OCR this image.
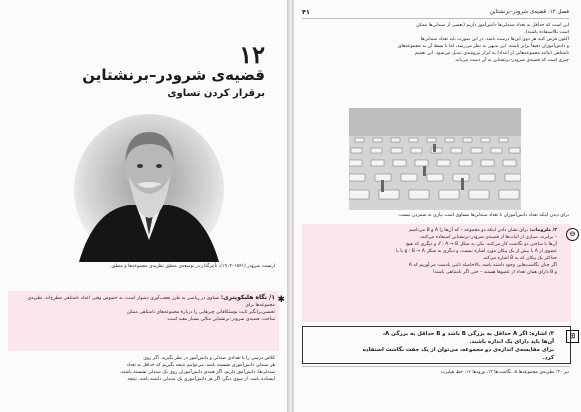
۱۲
قضیه‌ی شرودر–برنشتاین
برقرار کردن تساوی
ارنست شرودر (۱۸۴۱–۱۹۰۲)، تأثیرگذار در توسعه‌ی منطق نظریه‌ی مجموعه‌ها و منطق.
۱/ نگاه هلیکوپتری: تساوی در ریاضی به طرز تعجب‌آوری دشوار است، به خصوص وقتی اعداد نامتناهی مطرح‌اند. نظریه‌ی مجموعه‌ها برای
تحسین‌برانگیز ثابت نوشتکافانی چیزهایی را دربارهٔ مجموعه‌های نامتناهی ممکن
ساخت. قضیه‌ی شرودر–برنشتاین مثالی بسیار مفید است.
✱
کلاس درسی را با تعدادی صندلی و دانش‌آموز در نظر بگیرید. اگر روی
هر صندلی دانش‌آموزی نشسته باشد، می‌توانیم نتیجه بگیریم که حداقل به تعداد
صندلی‌ها، دانش‌آموز داریم. اگر همه‌ی دانش‌آموزان روی یک صندلی نشسته باشند،
ایستاده باشد، از سوی دیگر، اگر هر دانش‌آموزی یک صندلی داشته باشد، نتیجه
فصل ۱۲: قضیه‌ی شرودر–برنشتاین
۴۱
این است که حداقل به تعداد صندلی‌ها دانش‌آموز داریم (بعضی از صندلی‌ها ممکن
است بلااستفاده باشند).
اکنون فرض کنید هر دوی این‌ها درست باشد. در این صورت باید تعداد صندلی‌ها
و دانش‌آموزان دقیقاً برابر باشند. این بدیهی به نظر می‌رسد، اما با بسط آن به مجموعه‌های
نامتناهی (مانند مجموعه‌هایی از اعداد) به ابزار نیرومندی تبدیل می‌شود. این تعمیم
چیزی است که قضیه‌ی شرودر–برنشتاین به آن دست می‌یابد.
برای دیدن اینکه تعداد دانش‌آموزان با تعداد صندلی‌ها مساوی است نیازی به شمردن نیست.
۲/ ملزومات: برای نشان دادن اینکه دو مجموعه – که آن‌ها را A و B می‌نامیم
– برابرند، سیاری از اثبات‌ها از قضیه‌ی شرودر–برنشتاین استفاده می‌کنند.
آن‌ها با ساختن دو نگاشت کار می‌کنند. یکی به شکل f : A → B، و دیگری که هیچ
عضوی از A با بیش از یک پیکان مورد اشاره نیست، و دیگری به شکل g : B → A یا با
حداکثر یک پیکان که به B اشاره می‌کند.
اگر چنان نگاشت‌هایی وجود داشته باشد، بالاخاصله ثابتی بادست می‌آوریم که A
و B دارای همان تعداد از عضوها هستند – حتی اگر نامتناهی باشند!
⊖
۳/ اشاره: اگر A حداقل به بزرگی B باشد و B حداقل به بزرگی A،
آن‌ها باید دارای یک اندازه باشند.
برای مقایسه‌ی اندازه‌ی دو مجموعه، می‌توان از یک جفت نگاشت استفاده
کرد.
⊞
نیز ۳۰: نظریه‌ی مجموعه‌ها ۸، نگاشت‌ها ۱۲، ورودها ۱۶، خط هیلبرت
